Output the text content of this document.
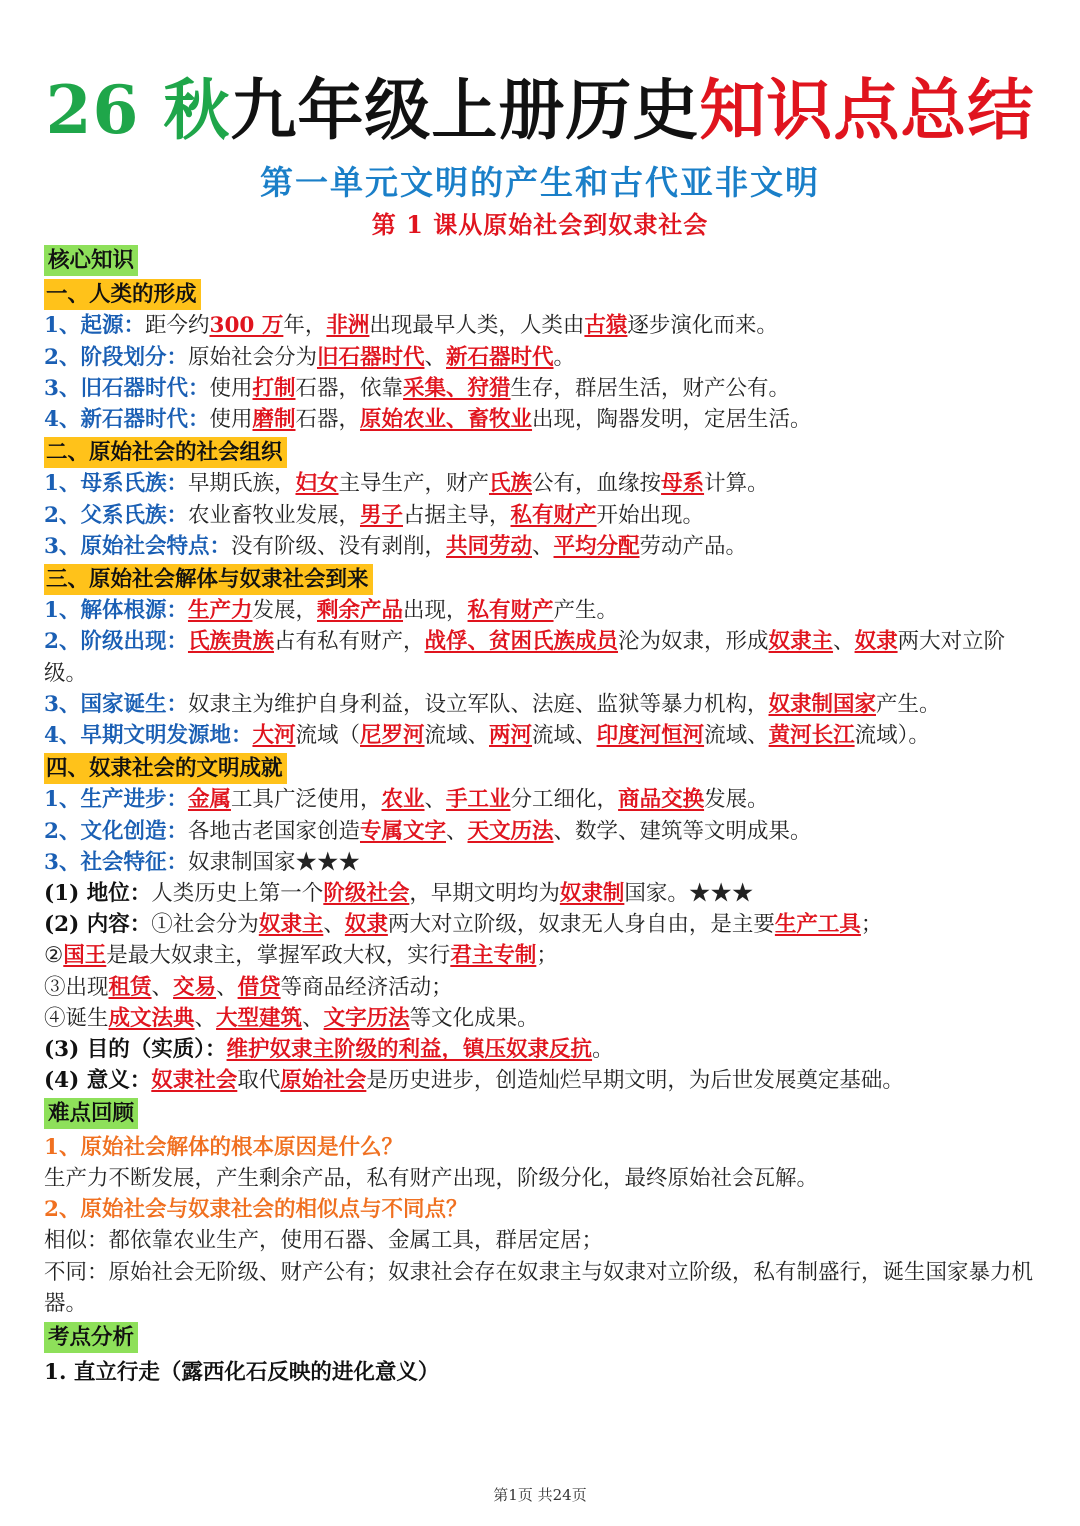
26 秋九年级上册历史知识点总结
第一单元文明的产生和古代亚非文明
第 1 课从原始社会到奴隶社会
核心知识
一、人类的形成
1、起源：距今约300 万年，非洲出现最早人类，人类由古猿逐步演化而来。
2、阶段划分：原始社会分为旧石器时代、新石器时代。
3、旧石器时代：使用打制石器，依靠采集、狩猎生存，群居生活，财产公有。
4、新石器时代：使用磨制石器，原始农业、畜牧业出现，陶器发明，定居生活。
二、原始社会的社会组织
1、母系氏族：早期氏族，妇女主导生产，财产氏族公有，血缘按母系计算。
2、父系氏族：农业畜牧业发展，男子占据主导，私有财产开始出现。
3、原始社会特点：没有阶级、没有剥削，共同劳动、平均分配劳动产品。
三、原始社会解体与奴隶社会到来
1、解体根源：生产力发展，剩余产品出现，私有财产产生。
2、阶级出现：氏族贵族占有私有财产，战俘、贫困氏族成员沦为奴隶，形成奴隶主、奴隶两大对立阶级。
3、国家诞生：奴隶主为维护自身利益，设立军队、法庭、监狱等暴力机构，奴隶制国家产生。
4、早期文明发源地：大河流域（尼罗河流域、两河流域、印度河恒河流域、黄河长江流域）。
四、奴隶社会的文明成就
1、生产进步：金属工具广泛使用，农业、手工业分工细化，商品交换发展。
2、文化创造：各地古老国家创造专属文字、天文历法、数学、建筑等文明成果。
3、社会特征：奴隶制国家★★★
(1) 地位：人类历史上第一个阶级社会，早期文明均为奴隶制国家。★★★
(2) 内容：①社会分为奴隶主、奴隶两大对立阶级，奴隶无人身自由，是主要生产工具；
②国王是最大奴隶主，掌握军政大权，实行君主专制；
③出现租赁、交易、借贷等商品经济活动；
④诞生成文法典、大型建筑、文字历法等文化成果。
(3) 目的（实质）：维护奴隶主阶级的利益，镇压奴隶反抗。
(4) 意义：奴隶社会取代原始社会是历史进步，创造灿烂早期文明，为后世发展奠定基础。
难点回顾
1、原始社会解体的根本原因是什么？
生产力不断发展，产生剩余产品，私有财产出现，阶级分化，最终原始社会瓦解。
2、原始社会与奴隶社会的相似点与不同点？
相似：都依靠农业生产，使用石器、金属工具，群居定居；
不同：原始社会无阶级、财产公有；奴隶社会存在奴隶主与奴隶对立阶级，私有制盛行，诞生国家暴力机器。
考点分析
1. 直立行走（露西化石反映的进化意义）
第1页 共24页
